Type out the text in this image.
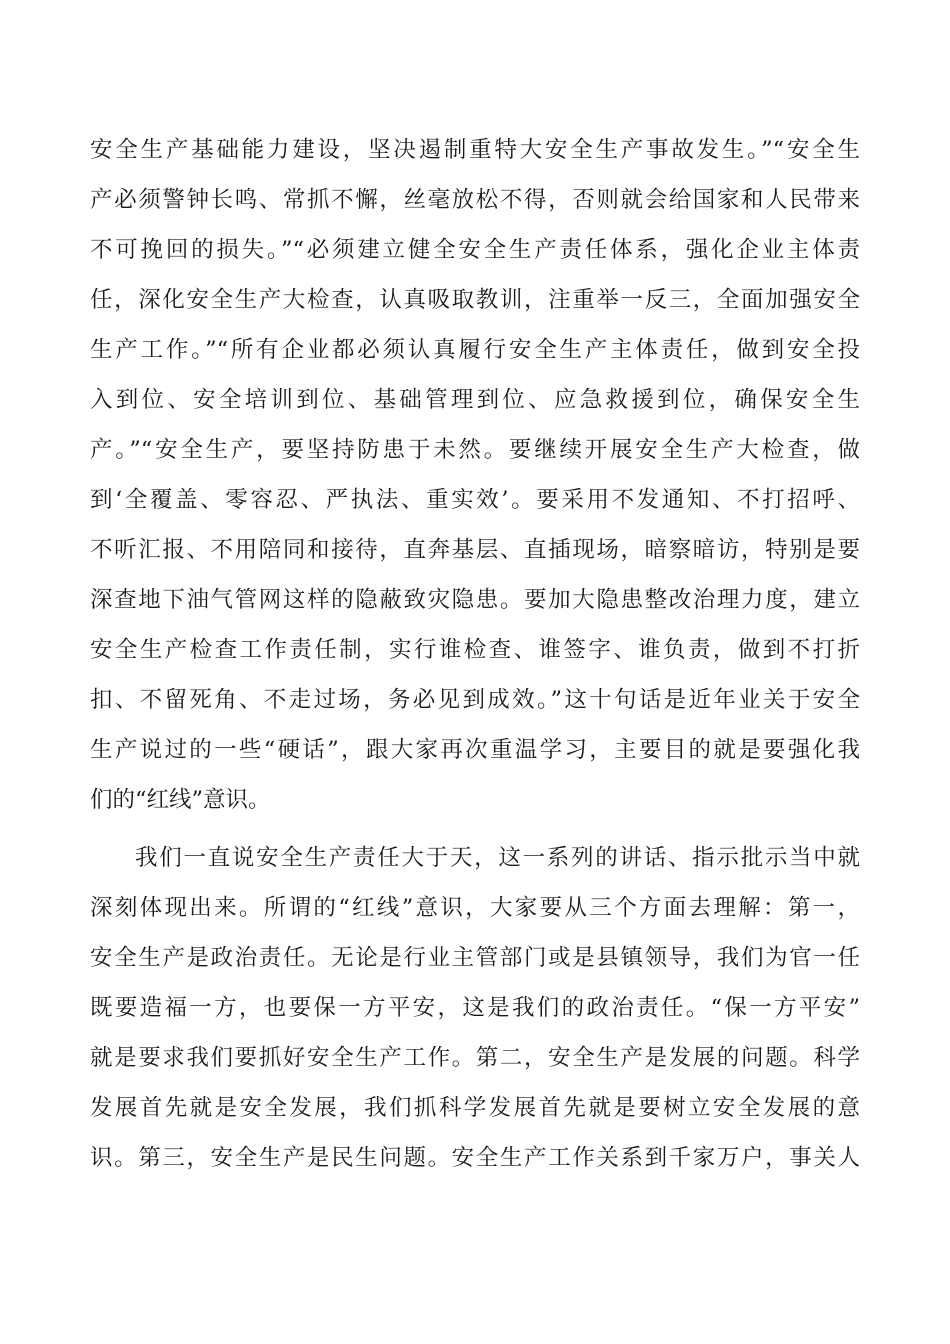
安全生产基础能力建设，坚决遏制重特大安全生产事故发生。”“安全生
产必须警钟长鸣、常抓不懈，丝毫放松不得，否则就会给国家和人民带来
不可挽回的损失。”“必须建立健全安全生产责任体系，强化企业主体责
任，深化安全生产大检查，认真吸取教训，注重举一反三，全面加强安全
生产工作。”“所有企业都必须认真履行安全生产主体责任，做到安全投
入到位、安全培训到位、基础管理到位、应急救援到位，确保安全生
产。”“安全生产，要坚持防患于未然。要继续开展安全生产大检查，做
到‘全覆盖、零容忍、严执法、重实效’。要采用不发通知、不打招呼、
不听汇报、不用陪同和接待，直奔基层、直插现场，暗察暗访，特别是要
深查地下油气管网这样的隐蔽致灾隐患。要加大隐患整改治理力度，建立
安全生产检查工作责任制，实行谁检查、谁签字、谁负责，做到不打折
扣、不留死角、不走过场，务必见到成效。”这十句话是近年业关于安全
生产说过的一些“硬话”，跟大家再次重温学习，主要目的就是要强化我
们的“红线”意识。
我们一直说安全生产责任大于天，这一系列的讲话、指示批示当中就
深刻体现出来。所谓的“红线”意识，大家要从三个方面去理解：第一，
安全生产是政治责任。无论是行业主管部门或是县镇领导，我们为官一任
既要造福一方，也要保一方平安，这是我们的政治责任。“保一方平安”
就是要求我们要抓好安全生产工作。第二，安全生产是发展的问题。科学
发展首先就是安全发展，我们抓科学发展首先就是要树立安全发展的意
识。第三，安全生产是民生问题。安全生产工作关系到千家万户，事关人
